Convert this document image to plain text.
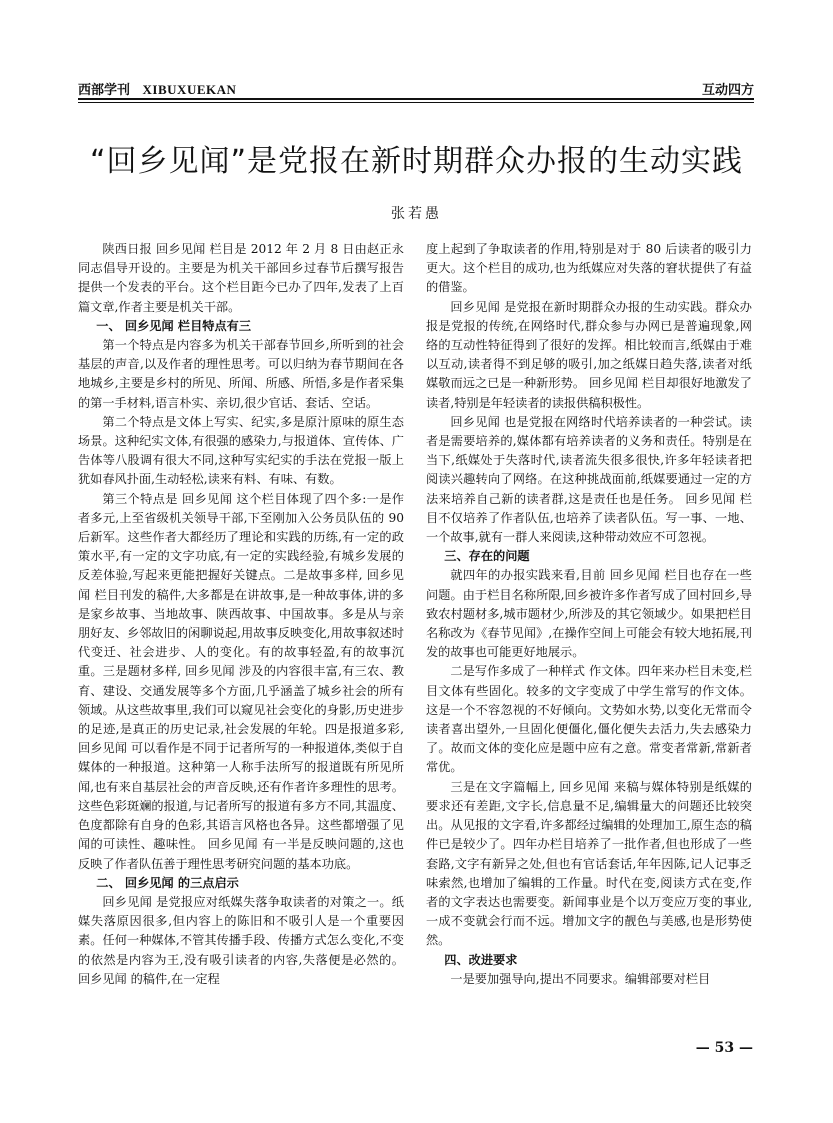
西部学刊 XIBUXUEKAN	互动四方
“回乡见闻”是党报在新时期群众办报的生动实践
张若愚

陕西日报 回乡见闻 栏目是 2012 年 2 月 8 日由赵正永同志倡导开设的。主要是为机关干部回乡过春节后撰写报告提供一个发表的平台。这个栏目距今已办了四年,发表了上百篇文章,作者主要是机关干部。

一、 回乡见闻 栏目特点有三

第一个特点是内容多为机关干部春节回乡,所听到的社会基层的声音,以及作者的理性思考。可以归纳为春节期间在各地城乡,主要是乡村的所见、所闻、所感、所悟,多是作者采集的第一手材料,语言朴实、亲切,很少官话、套话、空话。

第二个特点是文体上写实、纪实,多是原汁原味的原生态场景。这种纪实文体,有很强的感染力,与报道体、宣传体、广告体等八股调有很大不同,这种写实纪实的手法在党报一版上犹如春风扑面,生动轻松,读来有料、有味、有数。

第三个特点是 回乡见闻 这个栏目体现了四个多:一是作者多元,上至省级机关领导干部,下至刚加入公务员队伍的 90 后新军。这些作者大都经历了理论和实践的历练,有一定的政策水平,有一定的文字功底,有一定的实践经验,有城乡发展的反差体验,写起来更能把握好关键点。二是故事多样, 回乡见闻 栏目刊发的稿件,大多都是在讲故事,是一种故事体,讲的多是家乡故事、当地故事、陕西故事、中国故事。多是从与亲朋好友、乡邻故旧的闲聊说起,用故事反映变化,用故事叙述时代变迁、社会进步、人的变化。有的故事轻盈,有的故事沉重。三是题材多样, 回乡见闻 涉及的内容很丰富,有三农、教育、建设、交通发展等多个方面,几乎涵盖了城乡社会的所有领域。从这些故事里,我们可以窥见社会变化的身影,历史进步的足迹,是真正的历史记录,社会发展的年轮。四是报道多彩, 回乡见闻 可以看作是不同于记者所写的一种报道体,类似于自媒体的一种报道。这种第一人称手法所写的报道既有所见所闻,也有来自基层社会的声音反映,还有作者许多理性的思考。这些色彩斑斓的报道,与记者所写的报道有多方不同,其温度、色度都除有自身的色彩,其语言风格也各异。这些都增强了见闻的可读性、趣味性。 回乡见闻 有一半是反映问题的,这也反映了作者队伍善于理性思考研究问题的基本功底。

二、 回乡见闻 的三点启示

回乡见闻 是党报应对纸媒失落争取读者的对策之一。纸媒失落原因很多,但内容上的陈旧和不吸引人是一个重要因素。任何一种媒体,不管其传播手段、传播方式怎么变化,不变的依然是内容为王,没有吸引读者的内容,失落便是必然的。 回乡见闻 的稿件,在一定程

度上起到了争取读者的作用,特别是对于 80 后读者的吸引力更大。这个栏目的成功,也为纸媒应对失落的窘状提供了有益的借鉴。

回乡见闻 是党报在新时期群众办报的生动实践。群众办报是党报的传统,在网络时代,群众参与办网已是普遍现象,网络的互动性特征得到了很好的发挥。相比较而言,纸媒由于难以互动,读者得不到足够的吸引,加之纸媒日趋失落,读者对纸媒敬而远之已是一种新形势。 回乡见闻 栏目却很好地激发了读者,特别是年轻读者的读报供稿积极性。

回乡见闻 也是党报在网络时代培养读者的一种尝试。读者是需要培养的,媒体都有培养读者的义务和责任。特别是在当下,纸媒处于失落时代,读者流失很多很快,许多年轻读者把阅读兴趣转向了网络。在这种挑战面前,纸媒要通过一定的方法来培养自己新的读者群,这是责任也是任务。 回乡见闻 栏目不仅培养了作者队伍,也培养了读者队伍。写一事、一地、一个故事,就有一群人来阅读,这种带动效应不可忽视。

三、存在的问题

就四年的办报实践来看,目前 回乡见闻 栏目也存在一些问题。由于栏目名称所限,回乡被许多作者写成了回村回乡,导致农村题材多,城市题材少,所涉及的其它领域少。如果把栏目名称改为《春节见闻》,在操作空间上可能会有较大地拓展,刊发的故事也可能更好地展示。

二是写作多成了一种样式 作文体。四年来办栏目未变,栏目文体有些固化。较多的文字变成了中学生常写的作文体。这是一个不容忽视的不好倾向。文势如水势,以变化无常而令读者喜出望外,一旦固化便僵化,僵化便失去活力,失去感染力了。故而文体的变化应是题中应有之意。常变者常新,常新者常优。

三是在文字篇幅上, 回乡见闻 来稿与媒体特别是纸媒的要求还有差距,文字长,信息量不足,编辑量大的问题还比较突出。从见报的文字看,许多都经过编辑的处理加工,原生态的稿件已是较少了。四年办栏目培养了一批作者,但也形成了一些套路,文字有新异之处,但也有官话套话,年年因陈,记人记事乏味索然,也增加了编辑的工作量。时代在变,阅读方式在变,作者的文字表达也需要变。新闻事业是个以万变应万变的事业,一成不变就会行而不远。增加文字的靓色与美感,也是形势使然。

四、改进要求

一是要加强导向,提出不同要求。编辑部要对栏目

— 53 —
